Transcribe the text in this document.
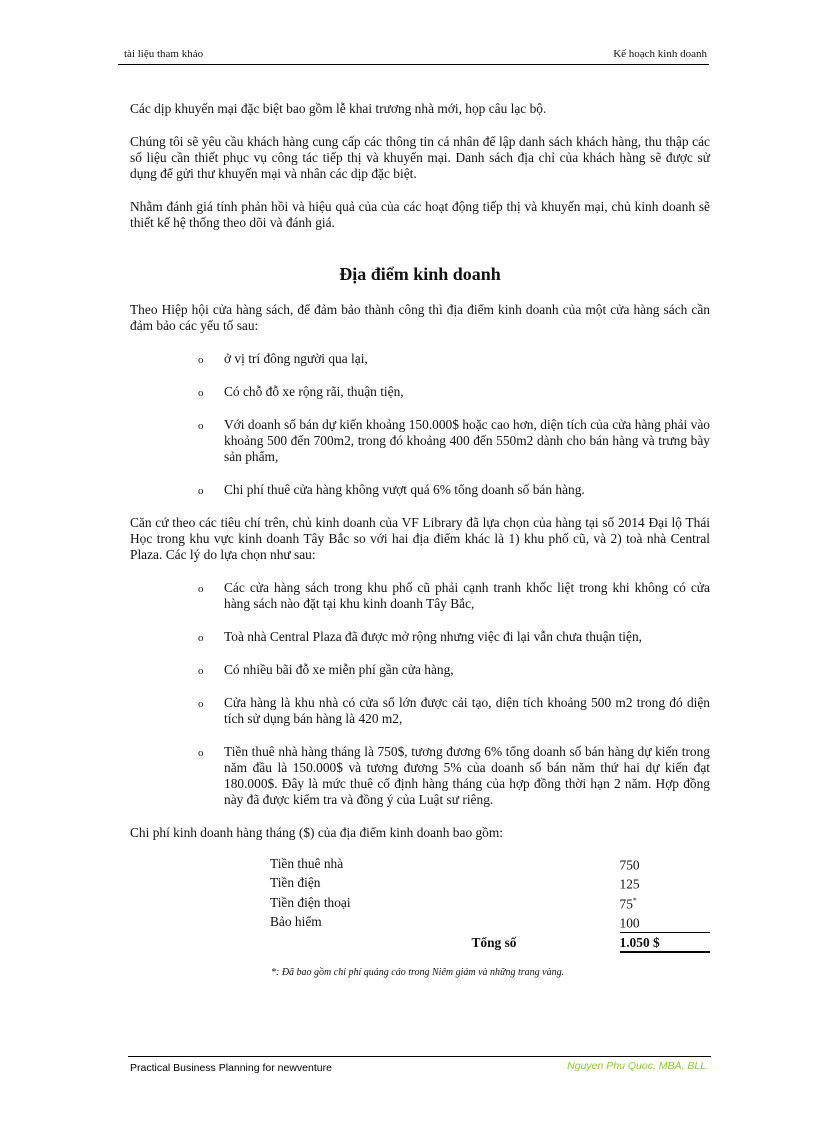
tài liệu tham khảo	Kế hoạch kinh doanh

Các dịp khuyến mại đặc biệt bao gồm lễ khai trương nhà mới, họp câu lạc bộ.

Chúng tôi sẽ yêu cầu khách hàng cung cấp các thông tin cá nhân để lập danh sách khách hàng, thu thập các số liệu cần thiết phục vụ công tác tiếp thị và khuyến mại. Danh sách địa chỉ của khách hàng sẽ được sử dụng để gửi thư khuyến mại và nhân các dịp đặc biệt.

Nhằm đánh giá tính phản hồi và hiệu quả của của các hoạt động tiếp thị và khuyến mại, chủ kinh doanh sẽ thiết kế hệ thống theo dõi và đánh giá.

Địa điểm kinh doanh

Theo Hiệp hội cửa hàng sách, để đảm bảo thành công thì địa điểm kinh doanh của một cửa hàng sách cần đảm bảo các yếu tố sau:

o ở vị trí đông người qua lại,
o Có chỗ đỗ xe rộng rãi, thuận tiện,
o Với doanh số bán dự kiến khoảng 150.000$ hoặc cao hơn, diện tích của cửa hàng phải vào khoảng 500 đến 700m2, trong đó khoảng 400 đến 550m2 dành cho bán hàng và trưng bày sản phẩm,
o Chi phí thuê cửa hàng không vượt quá 6% tổng doanh số bán hàng.

Căn cứ theo các tiêu chí trên, chủ kinh doanh của VF Library đã lựa chọn của hàng tại số 2014 Đại lộ Thái Học trong khu vực kinh doanh Tây Bắc so với hai địa điểm khác là 1) khu phố cũ, và 2) toà nhà Central Plaza. Các lý do lựa chọn như sau:

o Các cửa hàng sách trong khu phố cũ phải cạnh tranh khốc liệt trong khi không có cửa hàng sách nào đặt tại khu kinh doanh Tây Bắc,
o Toà nhà Central Plaza đã được mở rộng nhưng việc đi lại vẫn chưa thuận tiện,
o Có nhiều bãi đỗ xe miễn phí gần cửa hàng,
o Cửa hàng là khu nhà có cửa sổ lớn được cải tạo, diện tích khoảng 500 m2 trong đó diện tích sử dụng bán hàng là 420 m2,
o Tiền thuê nhà hàng tháng là 750$, tương đương 6% tổng doanh số bán hàng dự kiến trong năm đầu là 150.000$ và tương đương 5% của doanh số bán năm thứ hai dự kiến đạt 180.000$. Đây là mức thuê cố định hàng tháng của hợp đồng thời hạn 2 năm. Hợp đồng này đã được kiểm tra và đồng ý của Luật sư riêng.

Chi phí kinh doanh hàng tháng ($) của địa điểm kinh doanh bao gồm:

Tiền thuê nhà	750
Tiền điện	125
Tiền điện thoại	75*
Bảo hiểm	100
Tổng số	1.050 $
*: Đã bao gồm chi phí quảng cáo trong Niêm giám và những trang vàng.
Practical Business Planning for newventure	Nguyen Phu Quoc, MBA, BLL.
